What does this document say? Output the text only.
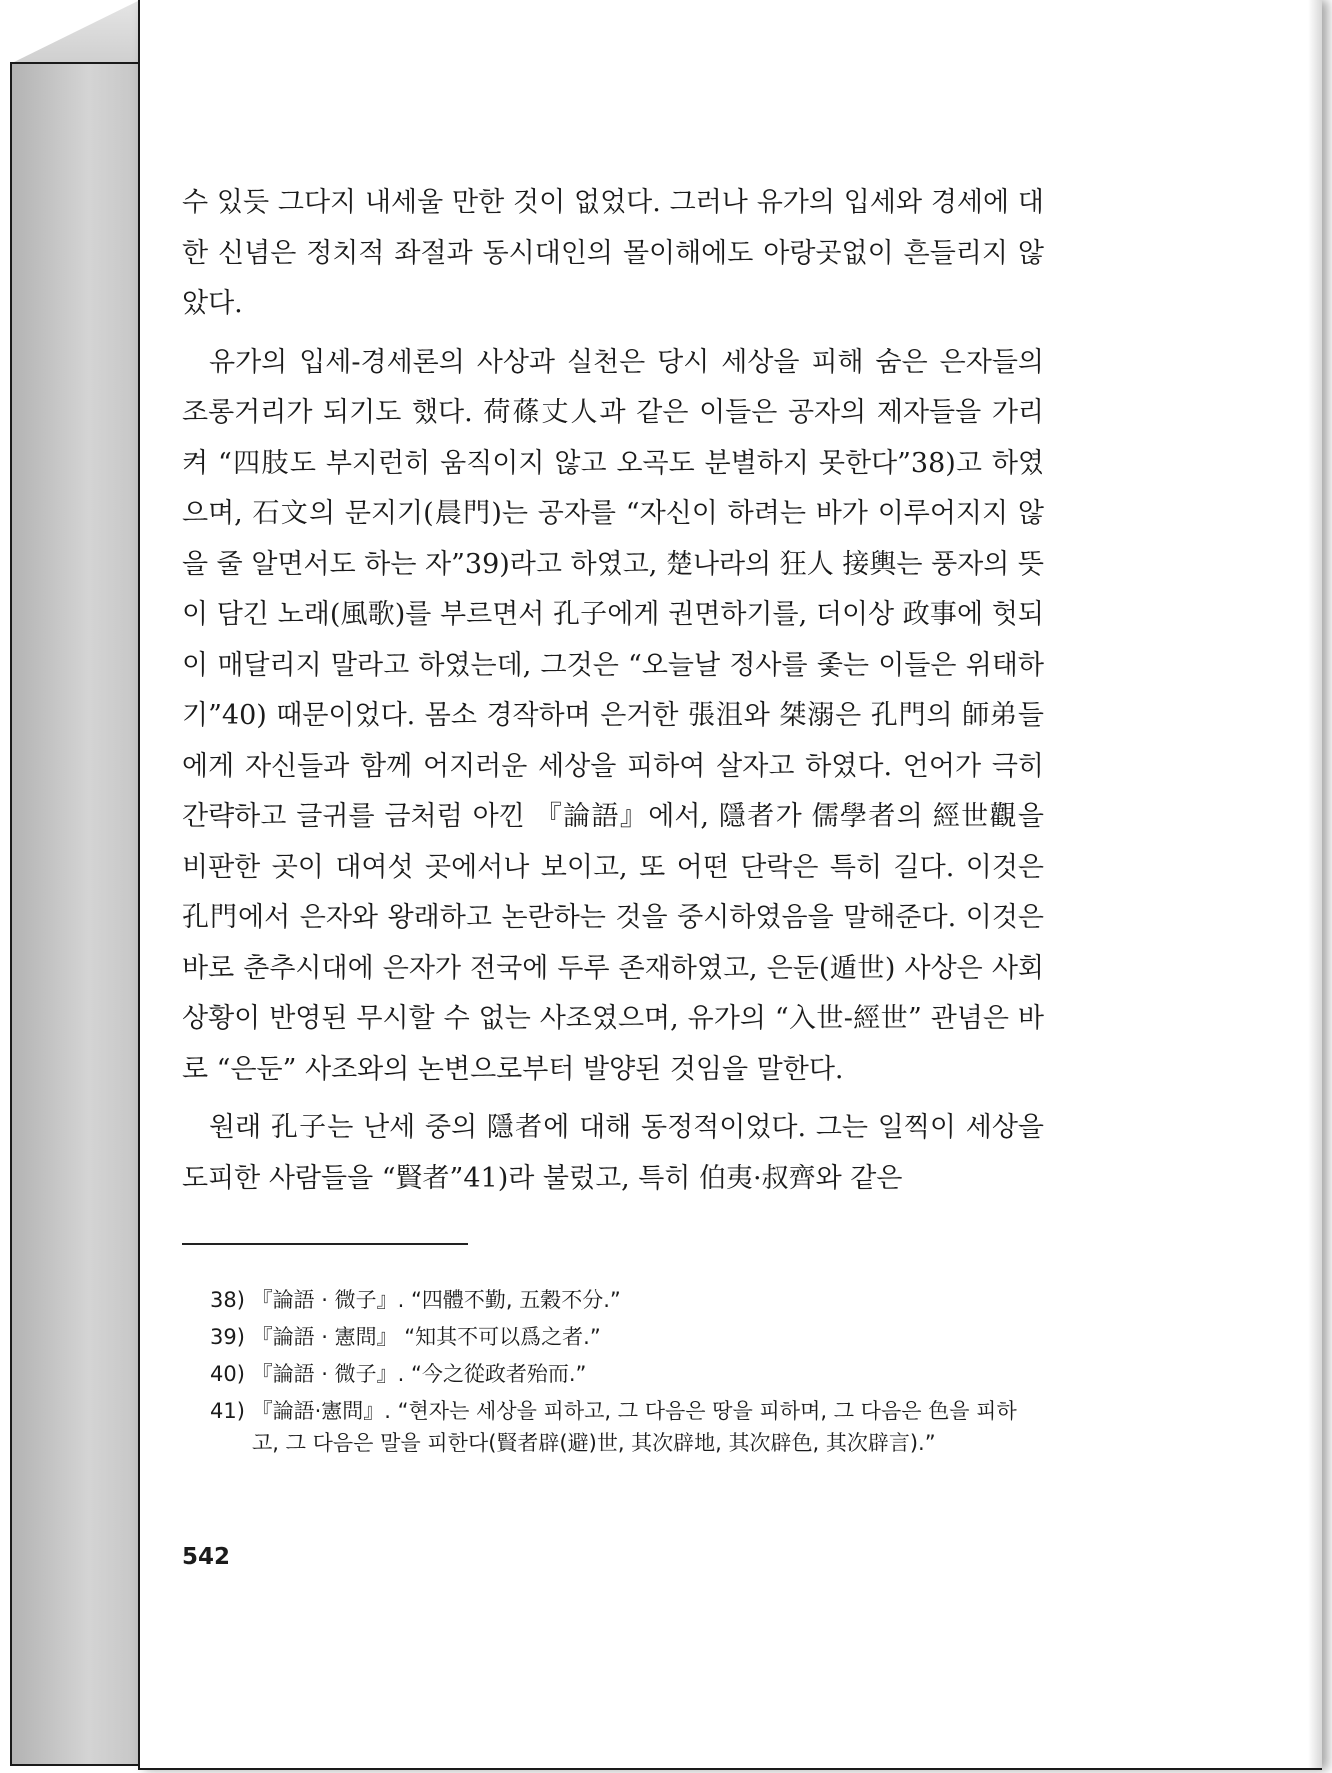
수 있듯 그다지 내세울 만한 것이 없었다. 그러나 유가의 입세와 경세에 대한 신념은 정치적 좌절과 동시대인의 몰이해에도 아랑곳없이 흔들리지 않았다.

유가의 입세-경세론의 사상과 실천은 당시 세상을 피해 숨은 은자들의 조롱거리가 되기도 했다. 荷蓧丈人과 같은 이들은 공자의 제자들을 가리켜 “四肢도 부지런히 움직이지 않고 오곡도 분별하지 못한다”38)고 하였으며, 石文의 문지기(晨門)는 공자를 “자신이 하려는 바가 이루어지지 않을 줄 알면서도 하는 자”39)라고 하였고, 楚나라의 狂人 接輿는 풍자의 뜻이 담긴 노래(風歌)를 부르면서 孔子에게 권면하기를, 더이상 政事에 헛되이 매달리지 말라고 하였는데, 그것은 “오늘날 정사를 좇는 이들은 위태하기”40) 때문이었다. 몸소 경작하며 은거한 張沮와 桀溺은 孔門의 師弟들에게 자신들과 함께 어지러운 세상을 피하여 살자고 하였다. 언어가 극히 간략하고 글귀를 금처럼 아낀 『論語』에서, 隱者가 儒學者의 經世觀을 비판한 곳이 대여섯 곳에서나 보이고, 또 어떤 단락은 특히 길다. 이것은 孔門에서 은자와 왕래하고 논란하는 것을 중시하였음을 말해준다. 이것은 바로 춘추시대에 은자가 전국에 두루 존재하였고, 은둔(遁世) 사상은 사회상황이 반영된 무시할 수 없는 사조였으며, 유가의 “入世-經世” 관념은 바로 “은둔” 사조와의 논변으로부터 발양된 것임을 말한다.

원래 孔子는 난세 중의 隱者에 대해 동정적이었다. 그는 일찍이 세상을 도피한 사람들을 “賢者”41)라 불렀고, 특히 伯夷·叔齊와 같은

38) 『論語 · 微子』. “四體不勤, 五穀不分.”

39) 『論語 · 憲問』 “知其不可以爲之者.”

40) 『論語 · 微子』. “今之從政者殆而.”

41) 『論語·憲問』. “현자는 세상을 피하고, 그 다음은 땅을 피하며, 그 다음은 色을 피하고, 그 다음은 말을 피한다(賢者辟(避)世, 其次辟地, 其次辟色, 其次辟言).”

542
